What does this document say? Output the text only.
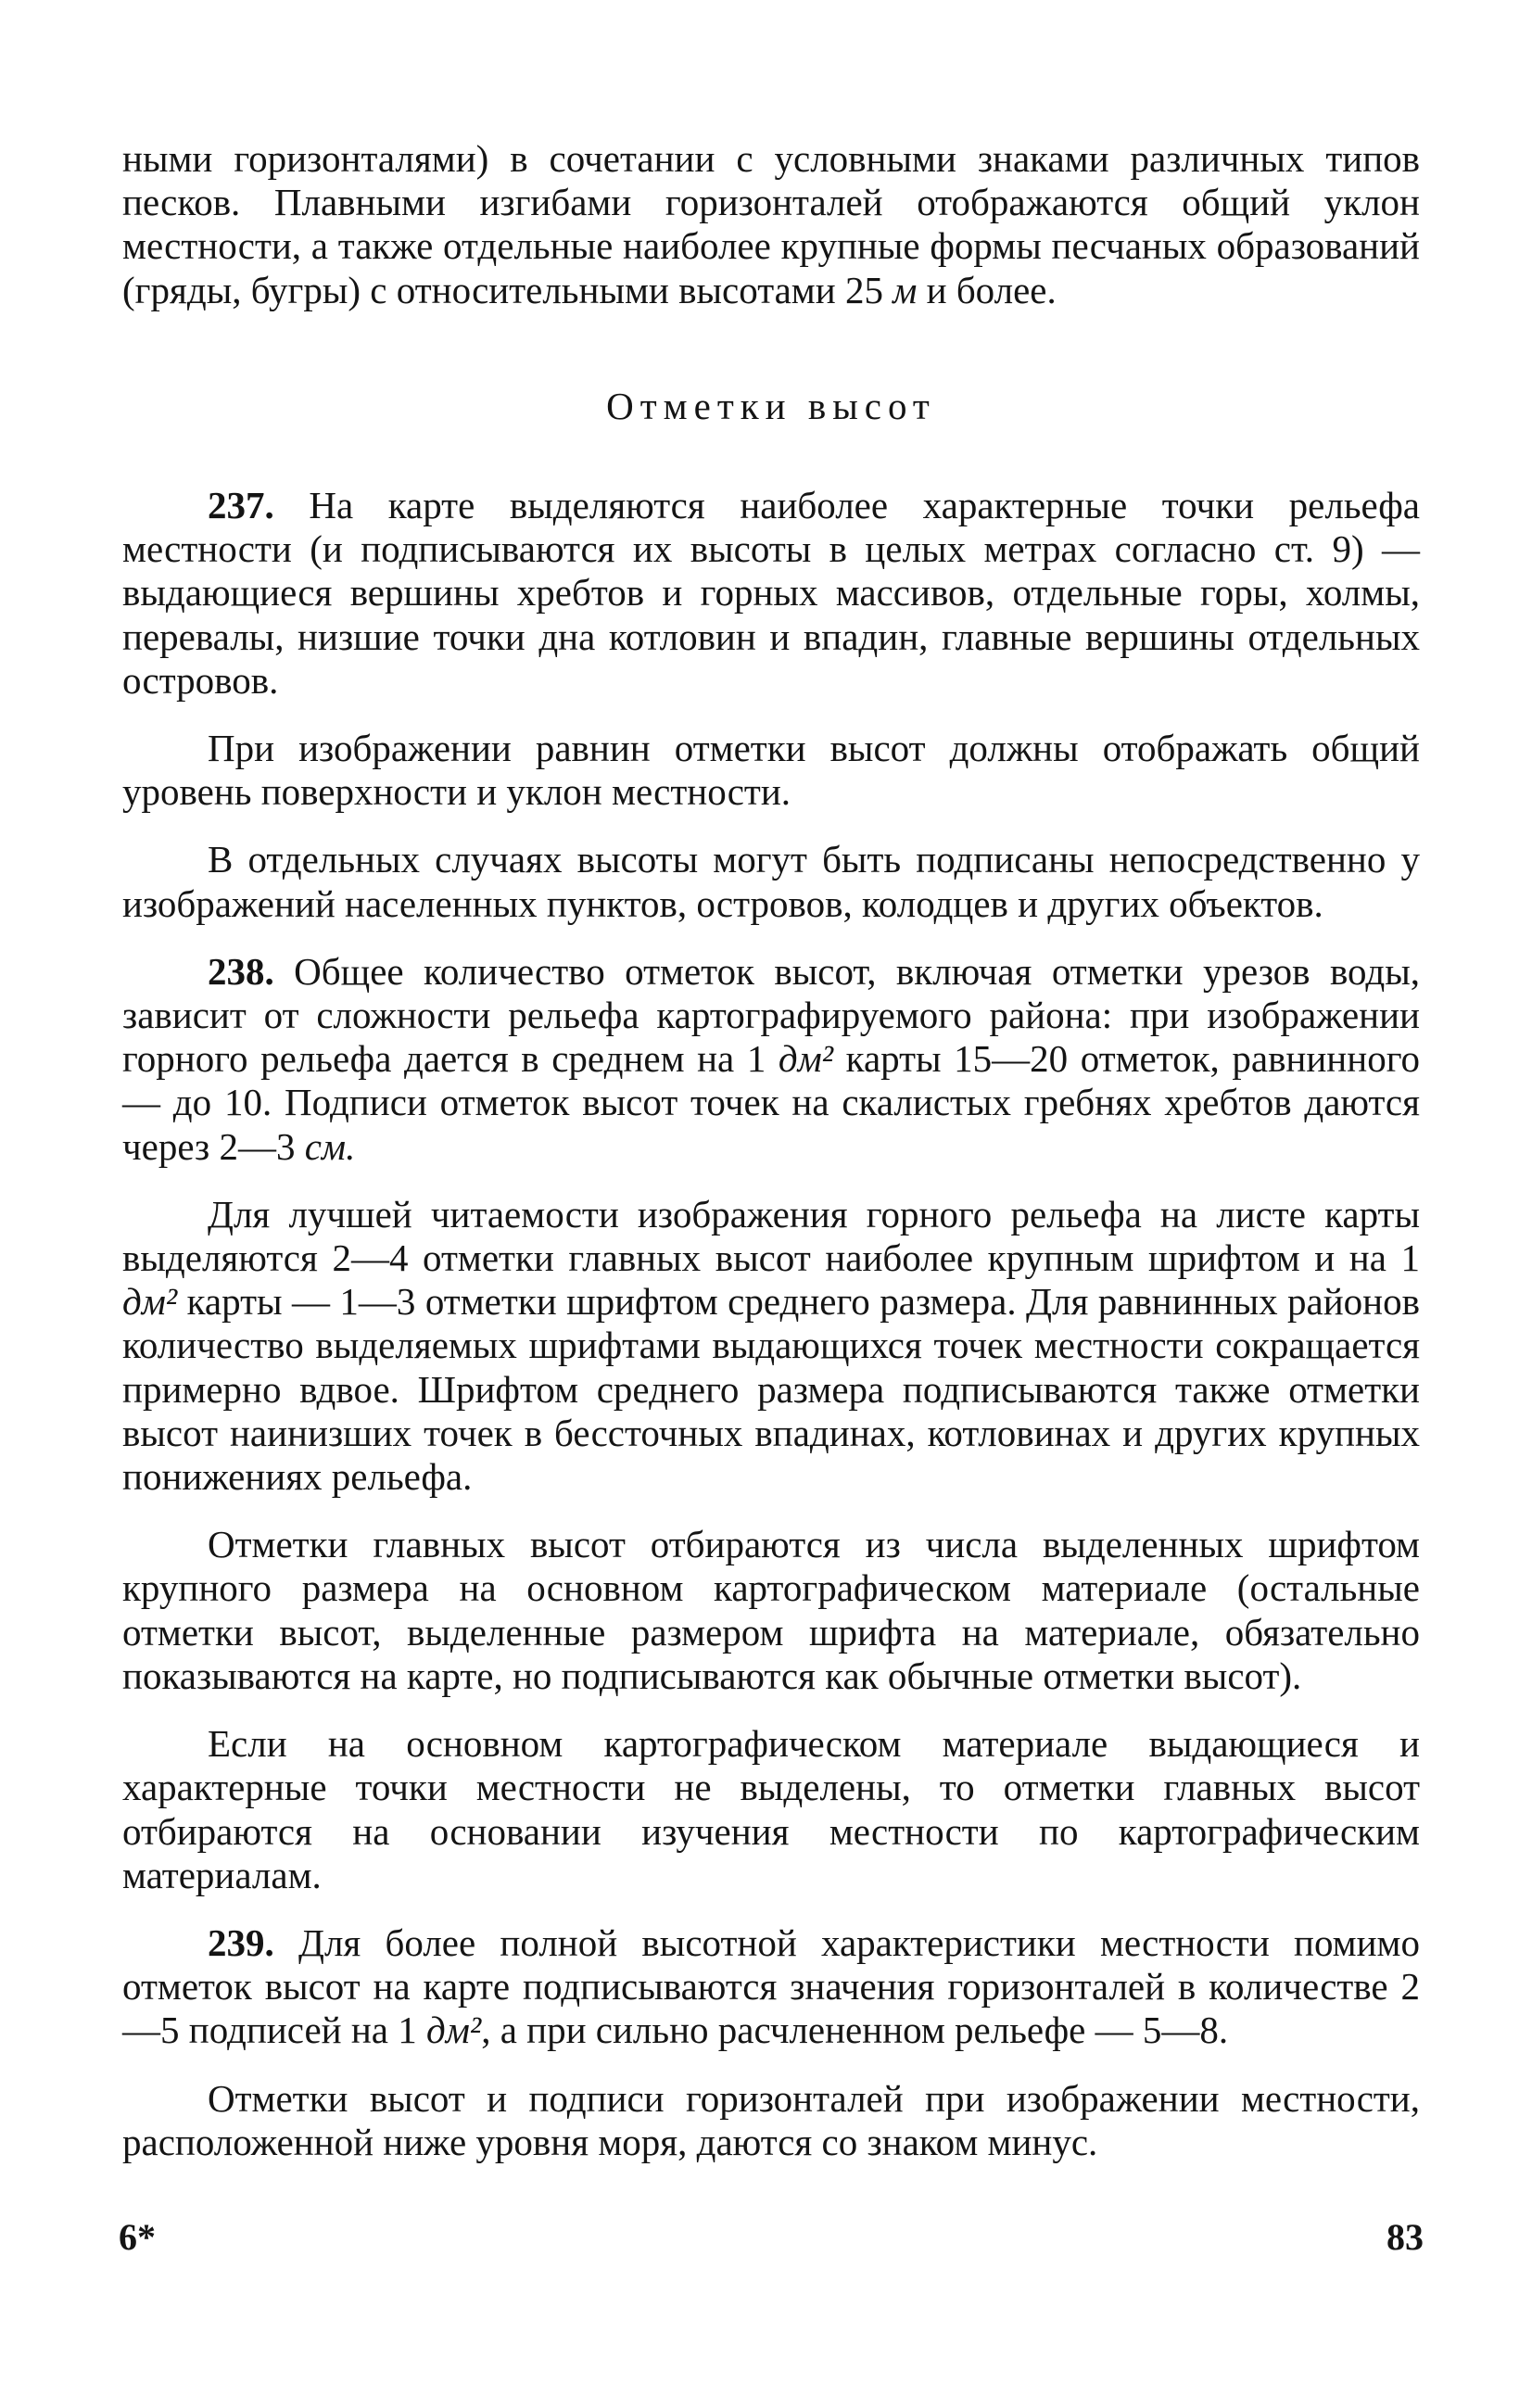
ными горизонталями) в сочетании с условными знаками различных типов песков. Плавными изгибами горизонталей отображаются общий уклон местности, а также отдельные наиболее крупные формы песчаных образований (гряды, бугры) с относительными высотами 25 м и более.

Отметки высот

237. На карте выделяются наиболее характерные точки рельефа местности (и подписываются их высоты в целых метрах согласно ст. 9) — выдающиеся вершины хребтов и горных массивов, отдельные горы, холмы, перевалы, низшие точки дна котловин и впадин, главные вершины отдельных островов.

При изображении равнин отметки высот должны отображать общий уровень поверхности и уклон местности.

В отдельных случаях высоты могут быть подписаны непосредственно у изображений населенных пунктов, островов, колодцев и других объектов.

238. Общее количество отметок высот, включая отметки урезов воды, зависит от сложности рельефа картографируемого района: при изображении горного рельефа дается в среднем на 1 дм² карты 15—20 отметок, равнинного — до 10. Подписи отметок высот точек на скалистых гребнях хребтов даются через 2—3 см.

Для лучшей читаемости изображения горного рельефа на листе карты выделяются 2—4 отметки главных высот наиболее крупным шрифтом и на 1 дм² карты — 1—3 отметки шрифтом среднего размера. Для равнинных районов количество выделяемых шрифтами выдающихся точек местности сокращается примерно вдвое. Шрифтом среднего размера подписываются также отметки высот наинизших точек в бессточных впадинах, котловинах и других крупных понижениях рельефа.

Отметки главных высот отбираются из числа выделенных шрифтом крупного размера на основном картографическом материале (остальные отметки высот, выделенные размером шрифта на материале, обязательно показываются на карте, но подписываются как обычные отметки высот).

Если на основном картографическом материале выдающиеся и характерные точки местности не выделены, то отметки главных высот отбираются на основании изучения местности по картографическим материалам.

239. Для более полной высотной характеристики местности помимо отметок высот на карте подписываются значения горизонталей в количестве 2—5 подписей на 1 дм², а при сильно расчлененном рельефе — 5—8.

Отметки высот и подписи горизонталей при изображении местности, расположенной ниже уровня моря, даются со знаком минус.

6*	83
